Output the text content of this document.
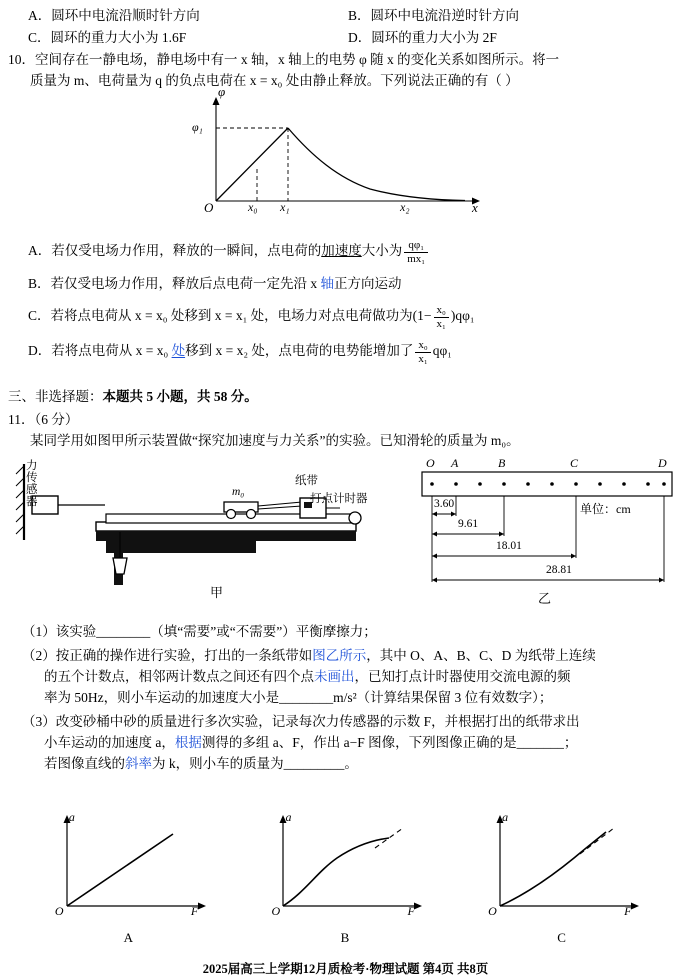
A．圆环中电流沿顺时针方向	B．圆环中电流沿逆时针方向
C．圆环的重力大小为 1.6F	D．圆环的重力大小为 2F
10．空间存在一静电场，静电场中有一 x 轴，x 轴上的电势 φ 随 x 的变化关系如图所示。将一
质量为 m、电荷量为 q 的负点电荷在 x = x₀ 处由静止释放。下列说法正确的有（ ）
φ
φ₁
O	x₀ x₁	x₂	x
A．若仅受电场力作用，释放的一瞬间，点电荷的加速度大小为 $\frac{\text{qφ₁}}{\text{mx₁}}$
B．若仅受电场力作用，释放后点电荷一定先沿 x 轴正方向运动
C．若将点电荷从 x = x₀ 处移到 x = x₁ 处，电场力对点电荷做功为$(1- \frac{\text{x₀}}{\text{x₁}} )q\varphi_1$
D．若将点电荷从 x = x₀ 处移到 x = x₂ 处，点电荷的电势能增加了 $\frac{\text{x₀}}{\text{x₁}} q\varphi_1$
三、非选择题：本题共 5 小题，共 58 分。
11．（6 分）
某同学用如图甲所示装置做“探究加速度与力关系”的实验。已知滑轮的质量为 m₀。
力
传
感
器
纸带
打点计时器
m₀
甲
O A	B	C	D
3.60
9.61
18.01
28.81
单位：cm
乙
（1）该实验________（填“需要”或“不需要”）平衡摩擦力；
（2）按正确的操作进行实验，打出的一条纸带如图乙所示，其中 O、A、B、C、D 为纸带上连续
的五个计数点，相邻两计数点之间还有四个点未画出，已知打点计时器使用交流电源的频
率为 50Hz，则小车运动的加速度大小是________m/s²（计算结果保留 3 位有效数字）；
（3）改变砂桶中砂的质量进行多次实验，记录每次力传感器的示数 F，并根据打出的纸带求出
小车运动的加速度 a，根据测得的多组 a、F，作出 a−F 图像，下列图像正确的是_______；
若图像直线的斜率为 k，则小车的质量为_________。
a
O	F
A
a
O	F
B
a
O	F
C
2025届高三上学期12月质检考·物理试题 第4页 共8页
